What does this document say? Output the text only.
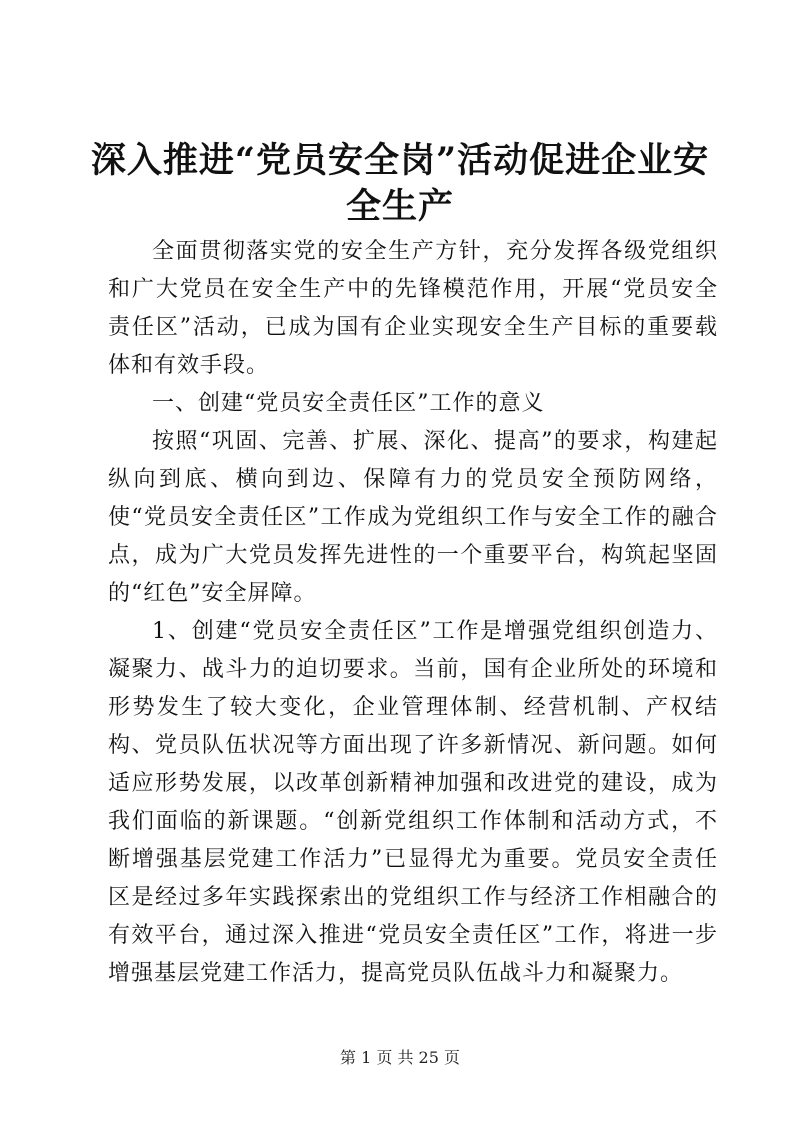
深入推进“党员安全岗”活动促进企业安全生产

全面贯彻落实党的安全生产方针，充分发挥各级党组织和广大党员在安全生产中的先锋模范作用，开展“党员安全责任区”活动，已成为国有企业实现安全生产目标的重要载体和有效手段。

一、创建“党员安全责任区”工作的意义

按照“巩固、完善、扩展、深化、提高”的要求，构建起纵向到底、横向到边、保障有力的党员安全预防网络，使“党员安全责任区”工作成为党组织工作与安全工作的融合点，成为广大党员发挥先进性的一个重要平台，构筑起坚固的“红色”安全屏障。

1、创建“党员安全责任区”工作是增强党组织创造力、凝聚力、战斗力的迫切要求。当前，国有企业所处的环境和形势发生了较大变化，企业管理体制、经营机制、产权结构、党员队伍状况等方面出现了许多新情况、新问题。如何适应形势发展，以改革创新精神加强和改进党的建设，成为我们面临的新课题。“创新党组织工作体制和活动方式，不断增强基层党建工作活力”已显得尤为重要。党员安全责任区是经过多年实践探索出的党组织工作与经济工作相融合的有效平台，通过深入推进“党员安全责任区”工作，将进一步增强基层党建工作活力，提高党员队伍战斗力和凝聚力。

第 1 页 共 25 页
